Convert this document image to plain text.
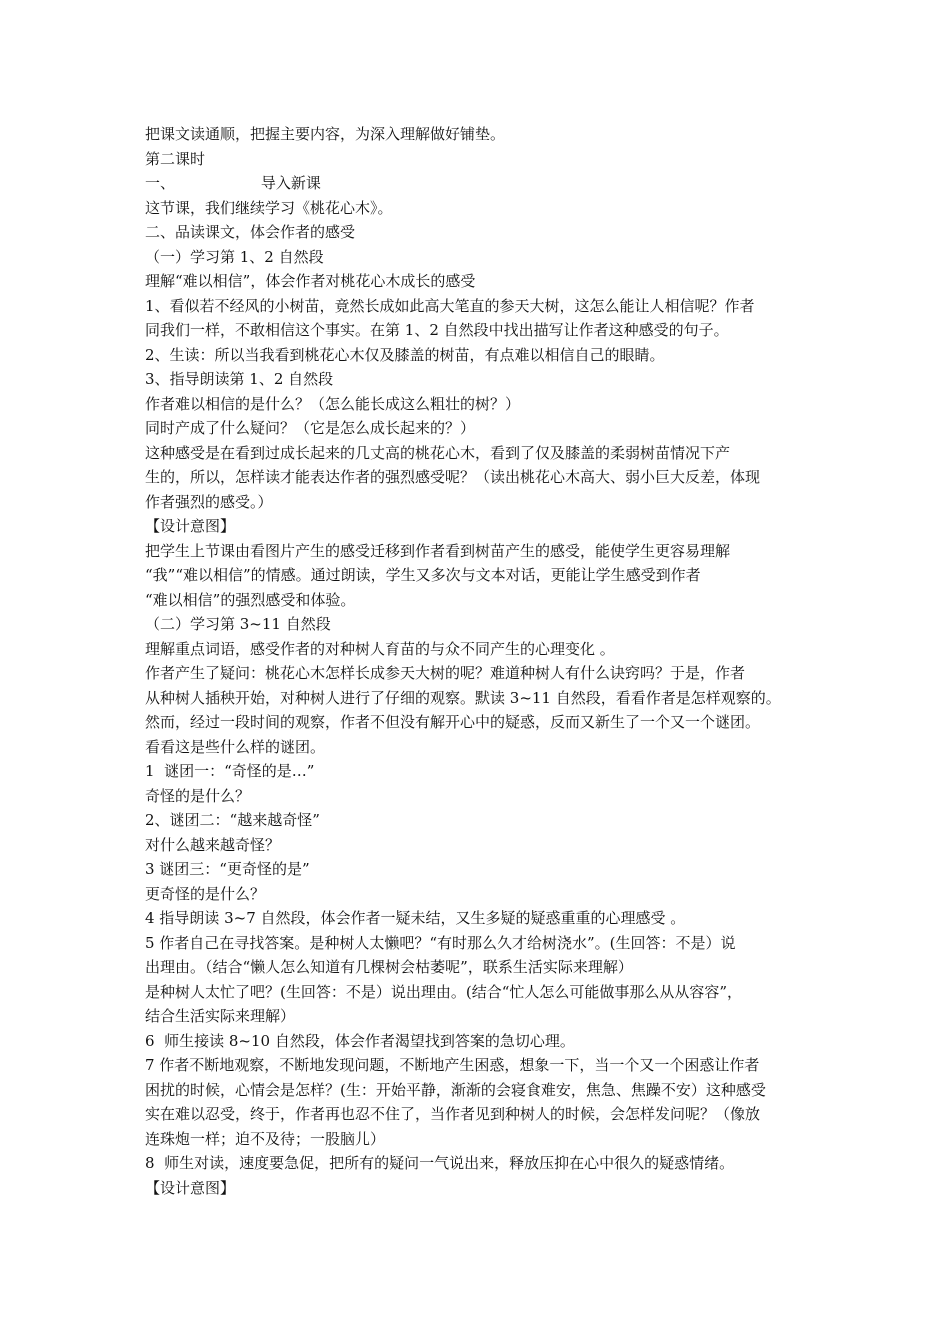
把课文读通顺，把握主要内容，为深入理解做好铺垫。
第二课时
一、                  导入新课
这节课，我们继续学习《桃花心木》。
二、品读课文，体会作者的感受
（一）学习第 1、2 自然段
理解“难以相信”，体会作者对桃花心木成长的感受
1、看似若不经风的小树苗，竟然长成如此高大笔直的参天大树，这怎么能让人相信呢？作者
同我们一样，不敢相信这个事实。在第 1、2 自然段中找出描写让作者这种感受的句子。
2、生读：所以当我看到桃花心木仅及膝盖的树苗，有点难以相信自己的眼睛。
3、指导朗读第 1、2 自然段
作者难以相信的是什么？（怎么能长成这么粗壮的树？）
同时产成了什么疑问？（它是怎么成长起来的？）
这种感受是在看到过成长起来的几丈高的桃花心木，看到了仅及膝盖的柔弱树苗情况下产
生的，所以，怎样读才能表达作者的强烈感受呢？（读出桃花心木高大、弱小巨大反差，体现
作者强烈的感受。）
【设计意图】
把学生上节课由看图片产生的感受迁移到作者看到树苗产生的感受，能使学生更容易理解
“我”“难以相信”的情感。通过朗读，学生又多次与文本对话，更能让学生感受到作者
“难以相信”的强烈感受和体验。
（二）学习第 3~11 自然段
理解重点词语，感受作者的对种树人育苗的与众不同产生的心理变化 。
作者产生了疑问：桃花心木怎样长成参天大树的呢？难道种树人有什么诀窍吗？于是，作者
从种树人插秧开始，对种树人进行了仔细的观察。默读 3~11 自然段，看看作者是怎样观察的。
然而，经过一段时间的观察，作者不但没有解开心中的疑惑，反而又新生了一个又一个谜团。
看看这是些什么样的谜团。
1  谜团一：“奇怪的是…”
奇怪的是什么？
2、谜团二：“越来越奇怪”
对什么越来越奇怪？
3 谜团三：“更奇怪的是”
更奇怪的是什么？
4 指导朗读 3~7 自然段，体会作者一疑未结，又生多疑的疑惑重重的心理感受 。
5 作者自己在寻找答案。是种树人太懒吧？“有时那么久才给树浇水”。(生回答：不是）说
出理由。（结合“懒人怎么知道有几棵树会枯萎呢”，联系生活实际来理解）
是种树人太忙了吧？(生回答：不是）说出理由。(结合“忙人怎么可能做事那么从从容容”，
结合生活实际来理解）
6  师生接读 8~10 自然段，体会作者渴望找到答案的急切心理。
7 作者不断地观察，不断地发现问题，不断地产生困惑，想象一下，当一个又一个困惑让作者
困扰的时候，心情会是怎样？(生：开始平静，渐渐的会寝食难安，焦急、焦躁不安）这种感受
实在难以忍受，终于，作者再也忍不住了，当作者见到种树人的时候，会怎样发问呢？（像放
连珠炮一样；迫不及待；一股脑儿）
8  师生对读，速度要急促，把所有的疑问一气说出来，释放压抑在心中很久的疑惑情绪。
【设计意图】
